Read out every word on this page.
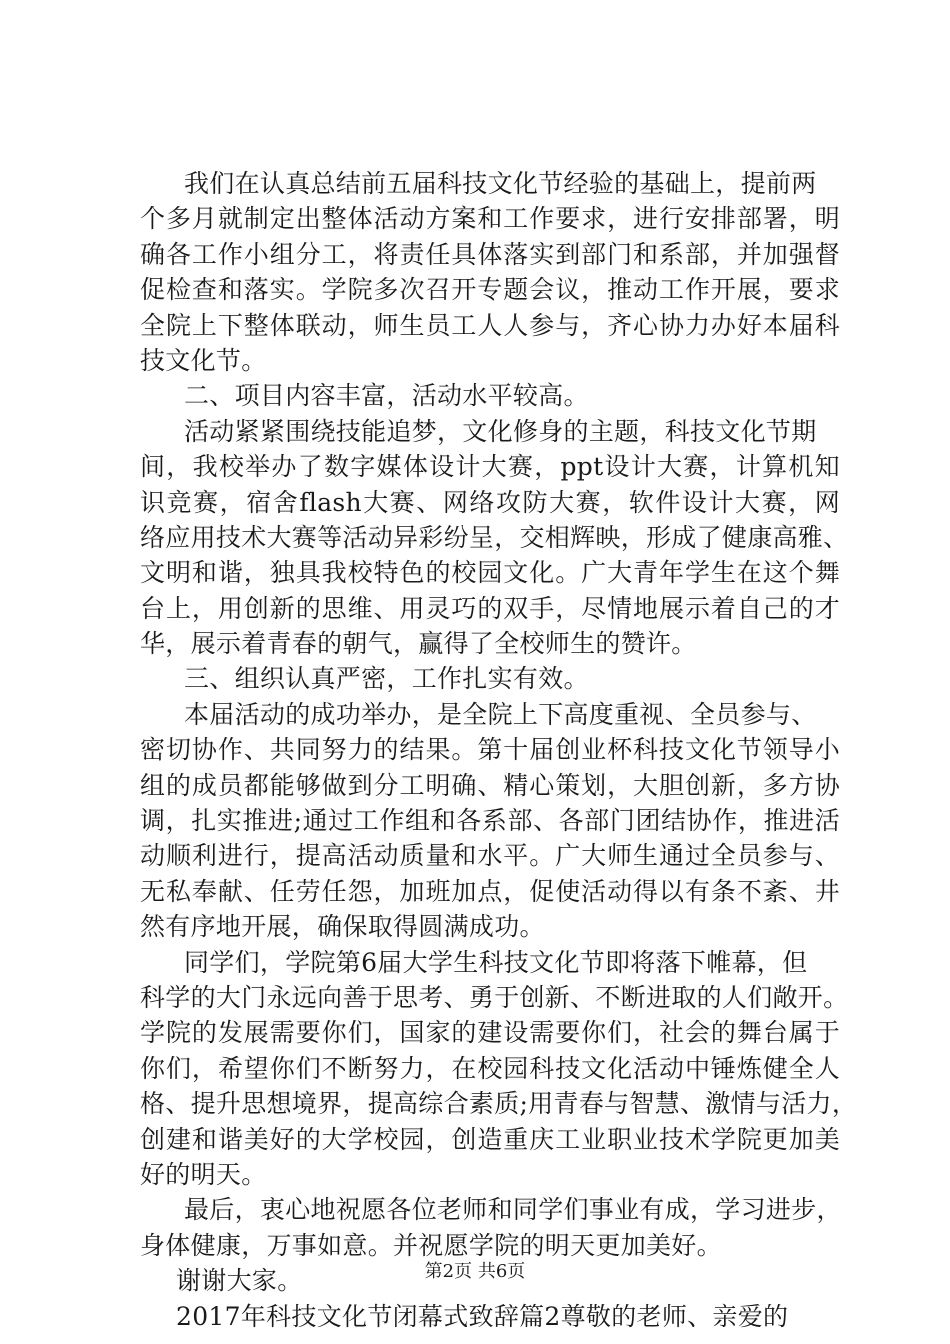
我们在认真总结前五届科技文化节经验的基础上，提前两
个多月就制定出整体活动方案和工作要求，进行安排部署，明
确各工作小组分工，将责任具体落实到部门和系部，并加强督
促检查和落实。学院多次召开专题会议，推动工作开展，要求
全院上下整体联动，师生员工人人参与，齐心协力办好本届科
技文化节。
二、项目内容丰富，活动水平较高。
活动紧紧围绕技能追梦，文化修身的主题，科技文化节期
间，我校举办了数字媒体设计大赛，ppt设计大赛，计算机知
识竞赛，宿舍flash大赛、网络攻防大赛，软件设计大赛，网
络应用技术大赛等活动异彩纷呈，交相辉映，形成了健康高雅、
文明和谐，独具我校特色的校园文化。广大青年学生在这个舞
台上，用创新的思维、用灵巧的双手，尽情地展示着自己的才
华，展示着青春的朝气，赢得了全校师生的赞许。
三、组织认真严密，工作扎实有效。
本届活动的成功举办，是全院上下高度重视、全员参与、
密切协作、共同努力的结果。第十届创业杯科技文化节领导小
组的成员都能够做到分工明确、精心策划，大胆创新，多方协
调，扎实推进;通过工作组和各系部、各部门团结协作，推进活
动顺利进行，提高活动质量和水平。广大师生通过全员参与、
无私奉献、任劳任怨，加班加点，促使活动得以有条不紊、井
然有序地开展，确保取得圆满成功。
同学们，学院第6届大学生科技文化节即将落下帷幕，但
科学的大门永远向善于思考、勇于创新、不断进取的人们敞开。
学院的发展需要你们，国家的建设需要你们，社会的舞台属于
你们，希望你们不断努力，在校园科技文化活动中锤炼健全人
格、提升思想境界，提高综合素质;用青春与智慧、激情与活力，
创建和谐美好的大学校园，创造重庆工业职业技术学院更加美
好的明天。
最后，衷心地祝愿各位老师和同学们事业有成，学习进步，
身体健康，万事如意。并祝愿学院的明天更加美好。
谢谢大家。
2017年科技文化节闭幕式致辞篇2尊敬的老师、亲爱的
第2页 共6页
